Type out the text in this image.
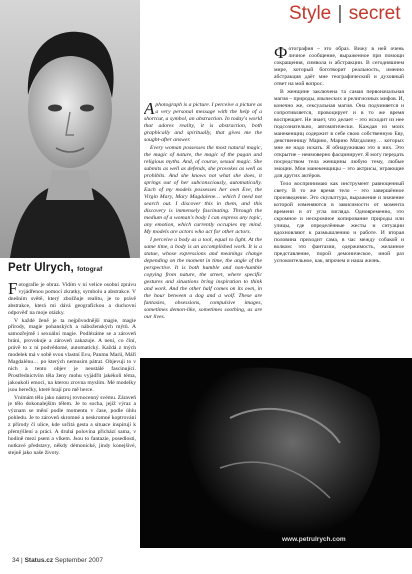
Petr Ulrych, fotograf

Fotografie je obraz. Vidím v ní velice osobní zprávu vyjádřenou pomocí zkratky, symbolu a abstrakce. V dnešním světě, který zbožňuje realitu, je to právě abstrakce, která mi dává geografickou a duchovní odpověď na moje otázky.

V každé ženě je ta nejpůvodnější magie, magie přírody, magie pohanských a náboženských mýtů. A samozřejmě i sexuální magie. Podlézáme se a zároveň bráni, provokuje a zároveň zakazuje. A není, co činí, právě to z ní podvědomé, automatický. Každá z mých modelek má v sobě svou vlastní Evu, Panmu Marii, Máří Magdalénu… po kterých nemusím pátrat. Objevuji to v nich a tento objev je neustálé fascinující. Prostřednictvím těla ženy mohu vyjádřit jakékoli téma, jakoukoli emoci, na kterou zrovna myslím. Mé modelky jsou herečky, které hrají pro mě herce.

Vnímám tělo jako nástroj rovnocenný svému. Záraveň je tělo dokonalejším tělem. Je to socha, jejíž výraz a význam se mění podle momentu v čase, podle úhlu pohledu. Je to zároveň skromné a neskromné koptrování z přírody či ulice, kde určitá gesta a situace inspirují k přemýšlení a práci. A druhá polovina přichází sama, v hodině mezi psem a vlkem. Jsou to fantazie, posedlosti, nutkavé představy, někdy démonické, jindy konejšivé, stejně jako naše životy.

Aphotograph is a picture. I perceive a picture as a very personal message with the help of a shortcut, a symbol, an abstraction. In today's world that adores reality, it is abstraction, both graphically and spiritually, that gives me the sought-after answer.

Every woman possesses the most natural magic, the magic of nature, the magic of the pagan and religious myths. And, of course, sexual magic. She submits as well as defends, she provokes as well as prohibits. And she knows not what she does, it springs out of her subconsciously, automatically. Each of my models possesses her own Eve, the Virgin Mary, Mary Magdalene… which I need not search out. I discover this in them, and this discovery is immensely fascinating. Through the medium of a woman's body I can express any topic, any emotion, which currently occupies my mind. My models are actors who act for other actors.

I perceive a body as a tool, equal to light. At the same time, a body is an accomplished work. It is a statue, whose expressions and meanings change depending on the moment in time, the angle of the perspective. It is both humble and non-humble copying from nature, the street, where specific gestures and situations bring inspiration to think and work. And the other half comes on its own, in the hour between a dog and a wolf. These are fantasies, obsessions, compulsive images, sometimes demon-like, sometimes soothing, as are our lives.

Style | secret

Фотография – это образ. Вижу в ней очень личное сообщение, выраженное при помощи сокращения, символа и абстракции. В сегодняшнем мире, который боготворит реальность, именно абстракция даёт мне географический и духовный ответ на мой вопрос.

В женщине заключена та самая первоначальная магия – природы, языческих и религиозных мифов. И, конечно же, сексуальная магия. Она подчиняется и сопротивляется, провоцирует и в то же время воспрещает. Не знает, что делает – это исходит из нее подсознательно, автоматически. Каждая из моих манекенщиц содержит в себе свою собственную Еву, девственницу Марию, Марию Магдалину… которых мне не надо искать. Я обнаруживаю это в них. Это открытие – неимоверно фасцинирует. Я могу передать посредством тела женщины любую тему, любые эмоции. Мои манекенщицы – это актрисы, играющие для других актёров.

Тело воспринимаю как инструмент равноценный свету. В то же время тело – это завершённое произведение. Это скульптура, выражение и значение которой изменяются в зависимости от момента времени и от угла взгляда. Одновременно, это скромное и нескромное копирование природы или улицы, где определённые жесты и ситуации вдохновляют к размышлению и работе. И вторая половина приходит сама, в час между собакой и волком: это фантазии, одержимость, желанное представление, порой демоническое, иной раз успокоительное, как, впрочем и наша жизнь.

www.petrulrych.com
34 | Status.cz September 2007
